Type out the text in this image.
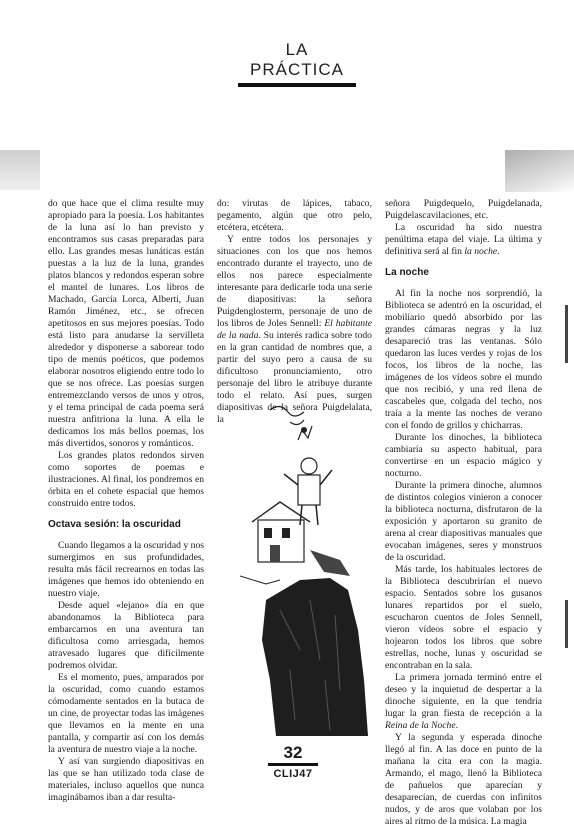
LA PRÁCTICA

do que hace que el clima resulte muy apropiado para la poesía. Los habitantes de la luna así lo han previsto y encontramos sus casas preparadas para ello. Las grandes mesas lunáticas están puestas a la luz de la luna, grandes platos blancos y redondos esperan sobre el mantel de lunares. Los libros de Machado, García Lorca, Alberti, Juan Ramón Jiménez, etc., se ofrecen apetitosos en sus mejores poesías. Todo está listo para anudarse la servilleta alrededor y disponerse a saborear todo tipo de menús poéticos, que podemos elaborar nosotros eligiendo entre todo lo que se nos ofrece. Las poesías surgen entremezclando versos de unos y otros, y el tema principal de cada poema será nuestra anfitriona la luna. A ella le dedicamos los más bellos poemas, los más divertidos, sonoros y románticos.

Los grandes platos redondos sirven como soportes de poemas e ilustraciones. Al final, los pondremos en órbita en el cohete espacial que hemos construido entre todos.

Octava sesión: la oscuridad

Cuando llegamos a la oscuridad y nos sumergimos en sus profundidades, resulta más fácil recrearnos en todas las imágenes que hemos ido obteniendo en nuestro viaje.

Desde aquel «lejano» día en que abandonamos la Biblioteca para embarcarnos en una aventura tan dificultosa como arriesgada, hemos atravesado lugares que difícilmente podremos olvidar.

Es el momento, pues, amparados por la oscuridad, como cuando estamos cómodamente sentados en la butaca de un cine, de proyectar todas las imágenes que llevamos en la mente en una pantalla, y compartir así con los demás la aventura de nuestro viaje a la noche.

Y así van surgiendo diapositivas en las que se han utilizado toda clase de materiales, incluso aquellos que nunca imaginábamos iban a dar resulta-

do: virutas de lápices, tabaco, pegamento, algún que otro pelo, etcétera, etcétera.

Y entre todos los personajes y situaciones con los que nos hemos encontrado durante el trayecto, uno de ellos nos parece especialmente interesante para dedicarle toda una serie de diapositivas: la señora Puigdenglosterm, personaje de uno de los libros de Joles Sennell: El habitante de la nada. Su interés radica sobre todo en la gran cantidad de nombres que, a partir del suyo pero a causa de su dificultoso pronunciamiento, otro personaje del libro le atribuye durante todo el relato. Así pues, surgen diapositivas de la señora Puigdelalata, la

señora Puigdequelo, Puigdelanada, Puigdelascavilaciones, etc.

La oscuridad ha sido nuestra penúltima etapa del viaje. La última y definitiva será al fin la noche.

La noche

Al fin la noche nos sorprendió, la Biblioteca se adentró en la oscuridad, el mobiliario quedó absorbido por las grandes cámaras negras y la luz desapareció tras las ventanas. Sólo quedaron las luces verdes y rojas de los focos, los libros de la noche, las imágenes de los vídeos sobre el mundo que nos recibió, y una red llena de cascabeles que, colgada del techo, nos traía a la mente las noches de verano con el fondo de grillos y chicharras.

Durante los dinoches, la biblioteca cambiaría su aspecto habitual, para convertirse en un espacio mágico y nocturno.

Durante la primera dinoche, alumnos de distintos colegios vinieron a conocer la biblioteca nocturna, disfrutaron de la exposición y aportaron su granito de arena al crear diapositivas manuales que evocaban imágenes, seres y monstruos de la oscuridad.

Más tarde, los habituales lectores de la Biblioteca descubrirían el nuevo espacio. Sentados sobre los gusanos lunares repartidos por el suelo, escucharon cuentos de Joles Sennell, vieron vídeos sobre el espacio y hojearon todos los libros que sobre estrellas, noche, lunas y oscuridad se encontraban en la sala.

La primera jornada terminó entre el deseo y la inquietud de despertar a la dinoche siguiente, en la que tendría lugar la gran fiesta de recepción a la Reina de la Noche.

Y la segunda y esperada dinoche llegó al fin. A las doce en punto de la mañana la cita era con la magia. Armando, el mago, llenó la Biblioteca de pañuelos que aparecían y desaparecían, de cuerdas con infinitos nudos, y de aros que volaban por los aires al ritmo de la música. La magia

32
CLIJ47
